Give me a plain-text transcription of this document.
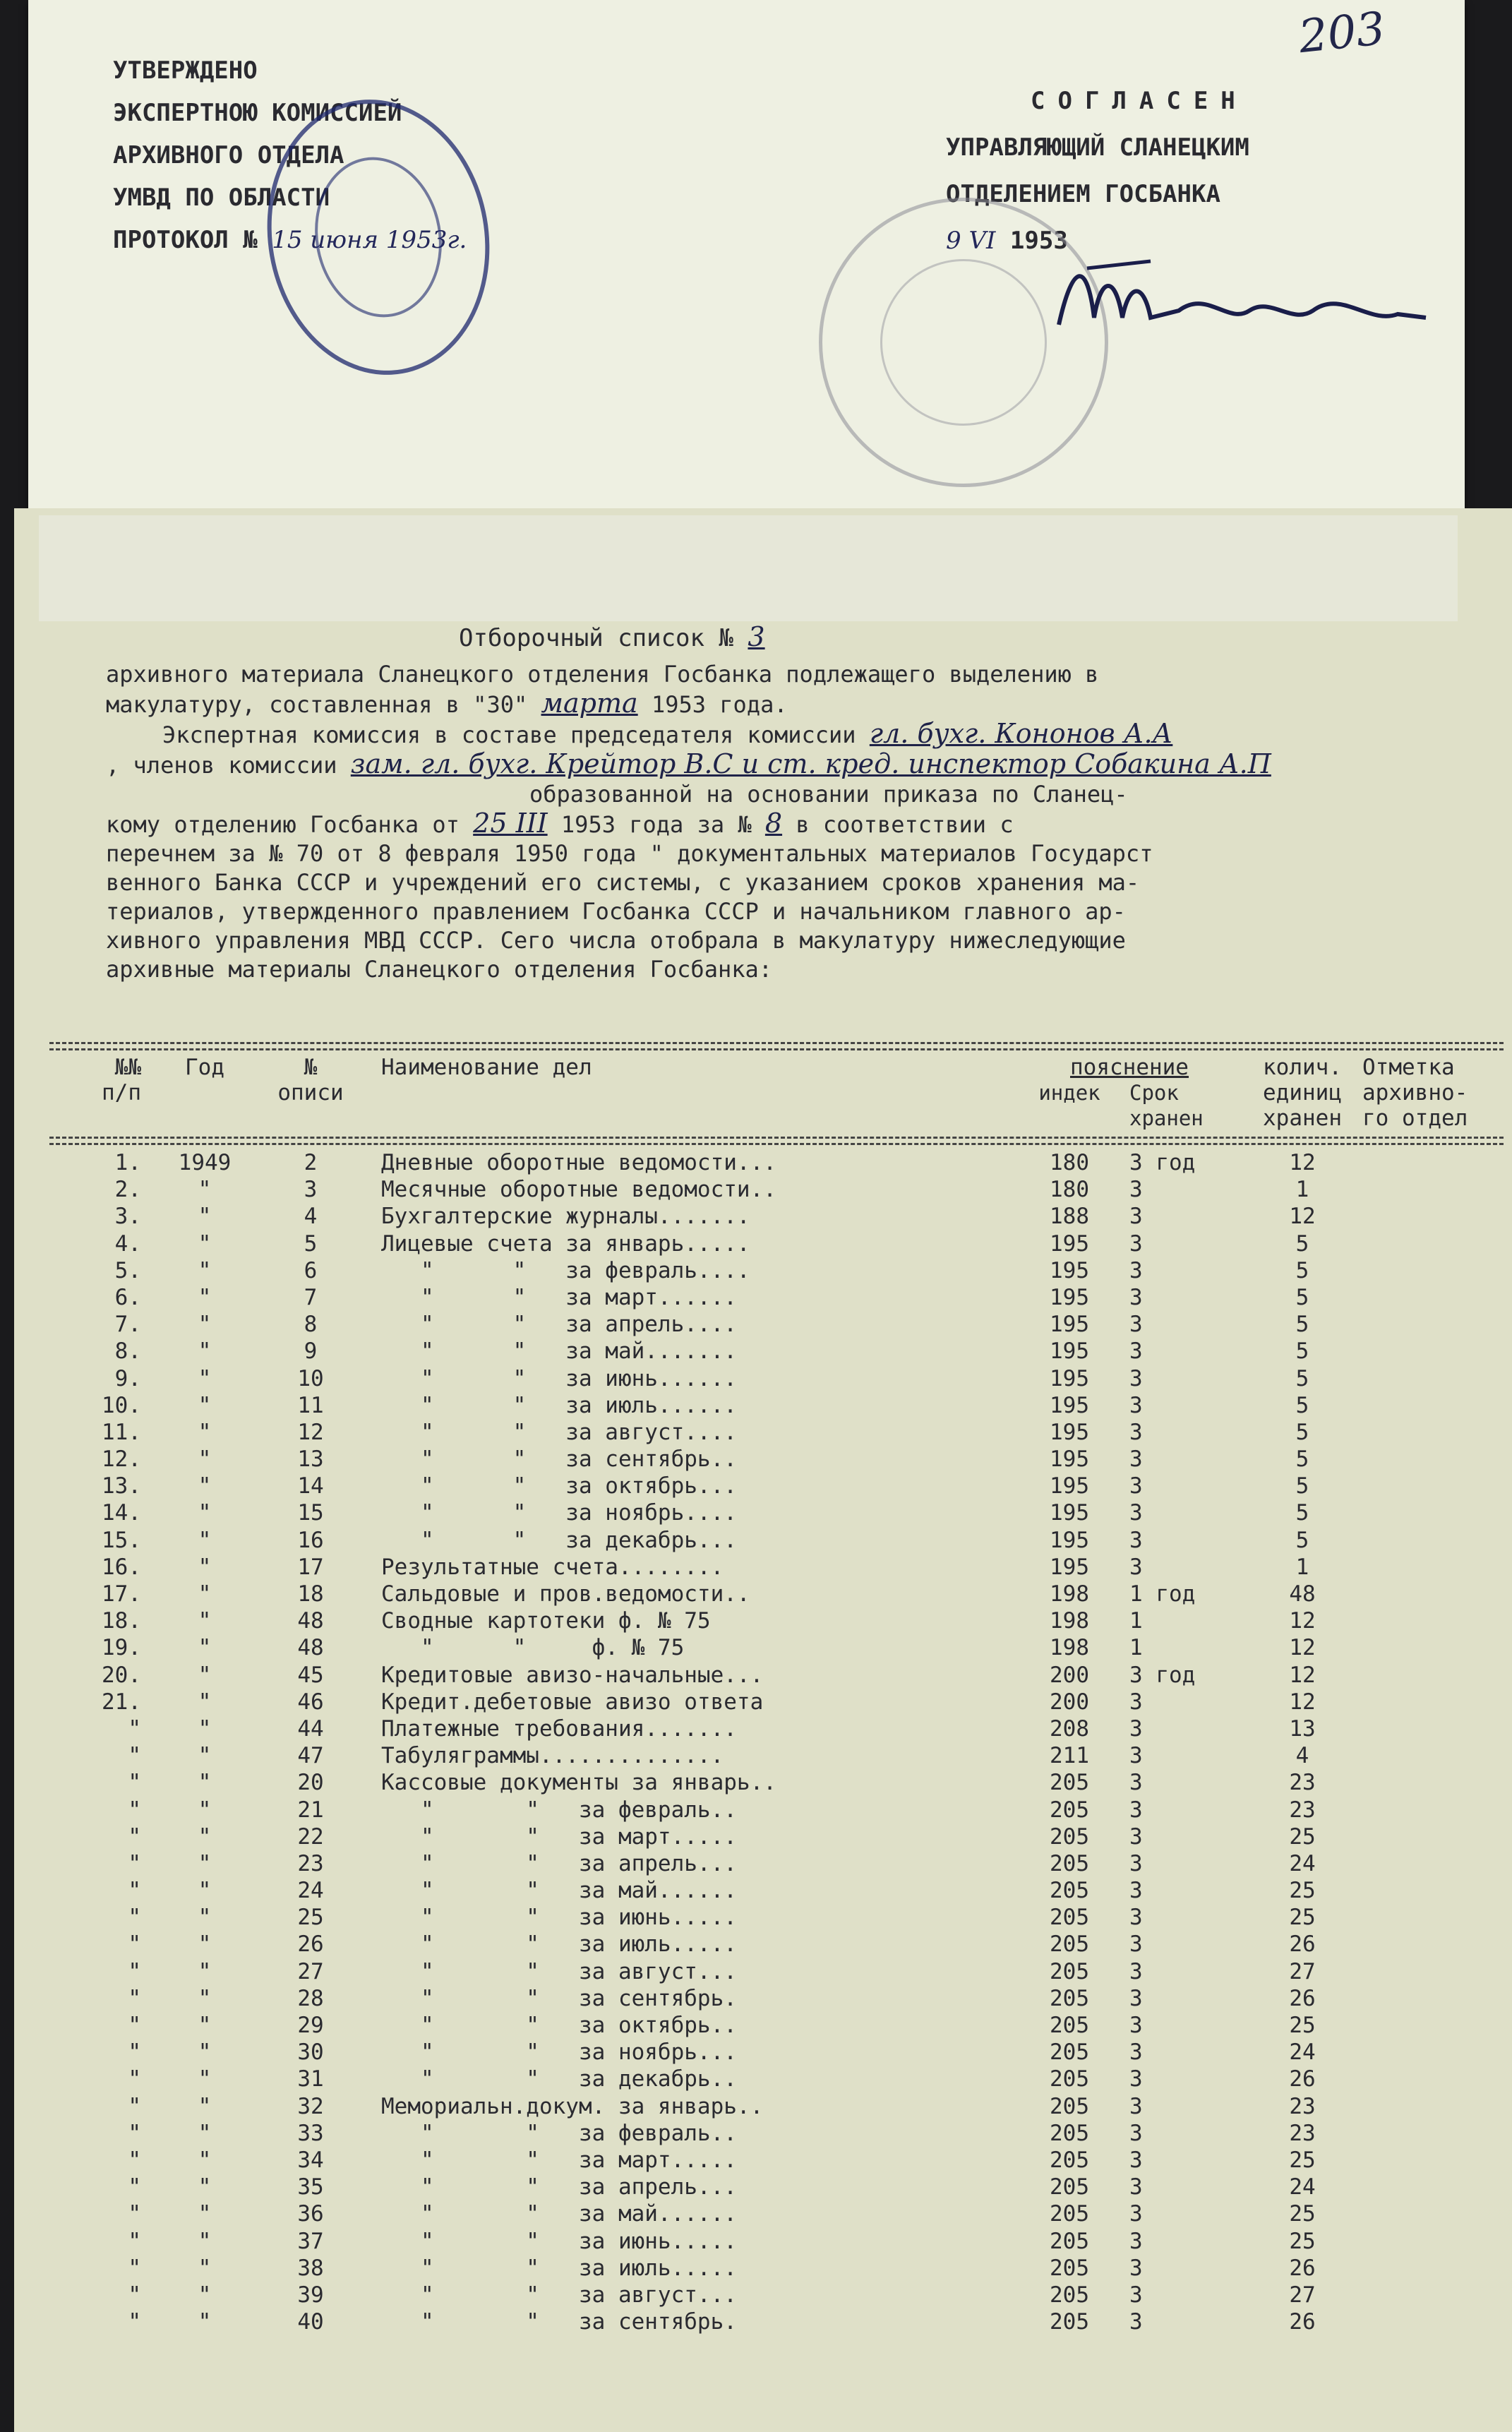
203
УТВЕРЖДЕНО
ЭКСПЕРТНОЮ КОМИССИЕЙ
АРХИВНОГО ОТДЕЛА
УМВД ПО ОБЛАСТИ
ПРОТОКОЛ № 15 июня 1953г.
СОГЛАСЕН
УПРАВЛЯЮЩИЙ СЛАНЕЦКИМ
ОТДЕЛЕНИЕМ ГОСБАНКА
9 VI 1953
Отборочный список № 3
архивного материала Сланецкого отделения Госбанка подлежащего выделению в
макулатуру, составленная в "30" марта 1953 года.
Экспертная комиссия в составе председателя комиссии гл. бухг. Кононов А.А
, членов комиссии зам. гл. бухг. Крейтор В.С и ст. кред. инспектор Собакина А.П
образованной на основании приказа по Сланец-
кому отделению Госбанка от 25 III 1953 года за № 8 в соответствии с
перечнем за № 70 от 8 февраля 1950 года " документальных материалов Государст
венного Банка СССР и учреждений его системы, с указанием сроков хранения ма-
териалов, утвержденного правлением Госбанка СССР и начальником главного ар-
хивного управления МВД СССР. Сего числа отобрала в макулатуру нижеследующие
архивные материалы Сланецкого отделения Госбанка:
№№
п/п
Год	№
описи
Наименование дел	пояснение
индек	Срок
хранен
колич.
единиц
хранен
Отметка
архивно-
го отдел
1.	1949	2	Дневные оборотные ведомости...	180	3 год	12
2.	"	3	Месячные оборотные ведомости..	180	3	1
3.	"	4	Бухгалтерские журналы.......	188	3	12
4.	"	5	Лицевые счета за январь.....	195	3	5
5.	"	6	"      "   за февраль....	195	3	5
6.	"	7	"      "   за март......	195	3	5
7.	"	8	"      "   за апрель....	195	3	5
8.	"	9	"      "   за май.......	195	3	5
9.	"	10	"      "   за июнь......	195	3	5
10.	"	11	"      "   за июль......	195	3	5
11.	"	12	"      "   за август....	195	3	5
12.	"	13	"      "   за сентябрь..	195	3	5
13.	"	14	"      "   за октябрь...	195	3	5
14.	"	15	"      "   за ноябрь....	195	3	5
15.	"	16	"      "   за декабрь...	195	3	5
16.	"	17	Результатные счета........	195	3	1
17.	"	18	Сальдовые и пров.ведомости..	198	1 год	48
18.	"	48	Сводные картотеки ф. № 75	198	1	12
19.	"	48	"      "     ф. № 75	198	1	12
20.	"	45	Кредитовые авизо-начальные...	200	3 год	12
21.	"	46	Кредит.дебетовые авизо ответа	200	3	12
"	"	44	Платежные требования.......	208	3	13
"	"	47	Табуляграммы..............	211	3	4
"	"	20	Кассовые документы за январь..	205	3	23
"	"	21	"       "   за февраль..	205	3	23
"	"	22	"       "   за март.....	205	3	25
"	"	23	"       "   за апрель...	205	3	24
"	"	24	"       "   за май......	205	3	25
"	"	25	"       "   за июнь.....	205	3	25
"	"	26	"       "   за июль.....	205	3	26
"	"	27	"       "   за август...	205	3	27
"	"	28	"       "   за сентябрь.	205	3	26
"	"	29	"       "   за октябрь..	205	3	25
"	"	30	"       "   за ноябрь...	205	3	24
"	"	31	"       "   за декабрь..	205	3	26
"	"	32	Мемориальн.докум. за январь..	205	3	23
"	"	33	"       "   за февраль..	205	3	23
"	"	34	"       "   за март.....	205	3	25
"	"	35	"       "   за апрель...	205	3	24
"	"	36	"       "   за май......	205	3	25
"	"	37	"       "   за июнь.....	205	3	25
"	"	38	"       "   за июль.....	205	3	26
"	"	39	"       "   за август...	205	3	27
"	"	40	"       "   за сентябрь.	205	3	26
